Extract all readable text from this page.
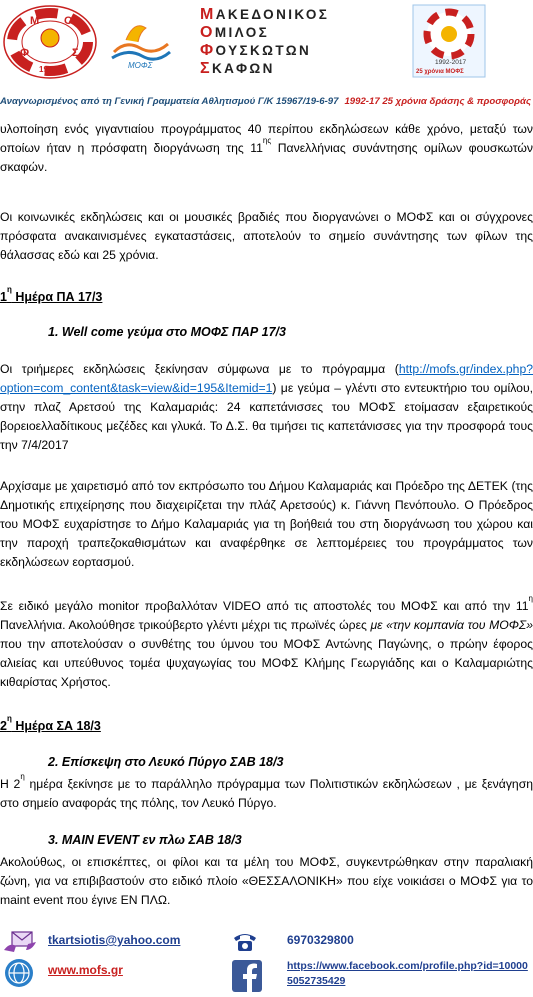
Μ Ο
Φ	Σ
1992	ΜΟΦΣ
ΜΑΚΕΔΟΝΙΚΟΣ
ΟΜΙΛΟΣ
ΦΟΥΣΚΩΤΩΝ
ΣΚΑΦΩΝ	1992-2017
25 χρόνια ΜΟΦΣ
Αναγνωρισμένος από τη Γενική Γραμματεία Αθλητισμού Γ/Κ 15967/19-6-97 1992-17 25 χρόνια δράσης & προσφοράς
υλοποίηση ενός γιγαντιαίου προγράμματος 40 περίπου εκδηλώσεων κάθε χρόνο, μεταξύ των οποίων ήταν η πρόσφατη διοργάνωση της $11^{\eta\varsigma}$ Πανελλήνιας συνάντησης ομίλων φουσκωτών σκαφών.
Οι κοινωνικές εκδηλώσεις και οι μουσικές βραδιές που διοργανώνει ο ΜΟΦΣ και οι σύγχρονες πρόσφατα ανακαινισμένες εγκαταστάσεις, αποτελούν το σημείο συνάντησης των φίλων της θάλασσας εδώ και 25 χρόνια.
$1^\eta$ Ημέρα ΠΑ 17/3
1. Well come γεύμα στο ΜΟΦΣ ΠΑΡ 17/3
Οι τριήμερες εκδηλώσεις ξεκίνησαν σύμφωνα με το πρόγραμμα (http://mofs.gr/index.php?option=com_content&task=view&id=195&Itemid=1) με γεύμα – γλέντι στο εντευκτήριο του ομίλου, στην πλαζ Αρετσού της Καλαμαριάς: 24 καπετάνισσες του ΜΟΦΣ ετοίμασαν εξαιρετικούς βορειοελλαδίτικους μεζέδες και γλυκά. Το Δ.Σ. θα τιμήσει τις καπετάνισσες για την προσφορά τους την 7/4/2017
Αρχίσαμε με χαιρετισμό από τον εκπρόσωπο του Δήμου Καλαμαριάς και Πρόεδρο της ΔΕΤΕΚ (της Δημοτικής επιχείρησης που διαχειρίζεται την πλάζ Αρετσούς) κ. Γιάννη Πενόπουλο. Ο Πρόεδρος του ΜΟΦΣ ευχαρίστησε το Δήμο Καλαμαριάς για τη βοήθειά του στη διοργάνωση του χώρου και την παροχή τραπεζοκαθισμάτων και αναφέρθηκε σε λεπτομέρειες του προγράμματος των εκδηλώσεων εορτασμού.
Σε ειδικό μεγάλο monitor προβαλλόταν VIDEO από τις αποστολές του ΜΟΦΣ και από την $11^\eta$ Πανελλήνια. Ακολούθησε τρικούβερτο γλέντι μέχρι τις πρωϊνές ώρες με «την κομπανία του ΜΟΦΣ» που την αποτελούσαν ο συνθέτης του ύμνου του ΜΟΦΣ Αντώνης Παγώνης, ο πρώην έφορος αλιείας και υπεύθυνος τομέα ψυχαγωγίας του ΜΟΦΣ Κλήμης Γεωργιάδης και ο Καλαμαριώτης κιθαρίστας Χρήστος.
$2^\eta$ Ημέρα ΣΑ 18/3
2. Επίσκεψη στο Λευκό Πύργο ΣΑΒ 18/3
Η $2^\eta$ ημέρα ξεκίνησε με το παράλληλο πρόγραμμα των Πολιτιστικών εκδηλώσεων , με ξενάγηση στο σημείο αναφοράς της πόλης, τον Λευκό Πύργο.
3. MAIN EVENT εν πλω ΣΑΒ 18/3
Ακολούθως, οι επισκέπτες, οι φίλοι και τα μέλη του ΜΟΦΣ, συγκεντρώθηκαν στην παραλιακή ζώνη, για να επιβιβαστούν στο ειδικό πλοίο «ΘΕΣΣΑΛΟΝΙΚΗ» που είχε νοικιάσει ο ΜΟΦΣ για το maint event που έγινε ΕΝ ΠΛΩ.
tkartsiotis@yahoo.com
www.mofs.gr
6970329800
https://www.facebook.com/profile.php?id=100005052735429
